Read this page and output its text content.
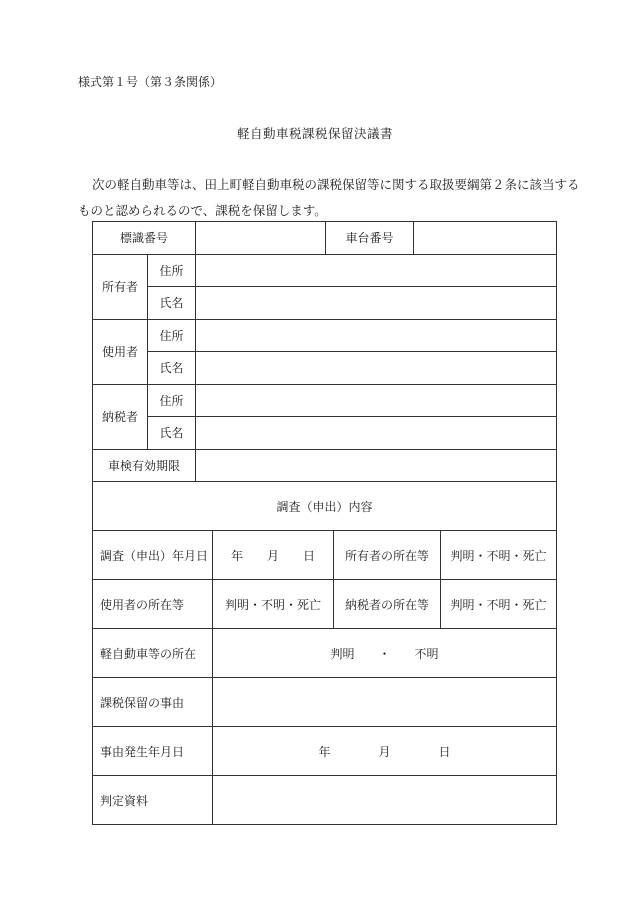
様式第１号（第３条関係）
軽自動車税課税保留決議書
次の軽自動車等は、田上町軽自動車税の課税保留等に関する取扱要綱第２条に該当する
ものと認められるので、課税を保留します。
標識番号			車台番号	
所有者	住所			
	氏名			
使用者	住所			
	氏名			
納税者	住所			
	氏名			
車検有効期限				
調査（申出）内容			
調査（申出）年月日	年　　月　　日	所有者の所在等	判明・不明・死亡
使用者の所在等	判明・不明・死亡	納税者の所在等	判明・不明・死亡
軽自動車等の所在	判明　　・　　不明		
課税保留の事由			
事由発生年月日	年　　　　月　　　　日		
判定資料			
